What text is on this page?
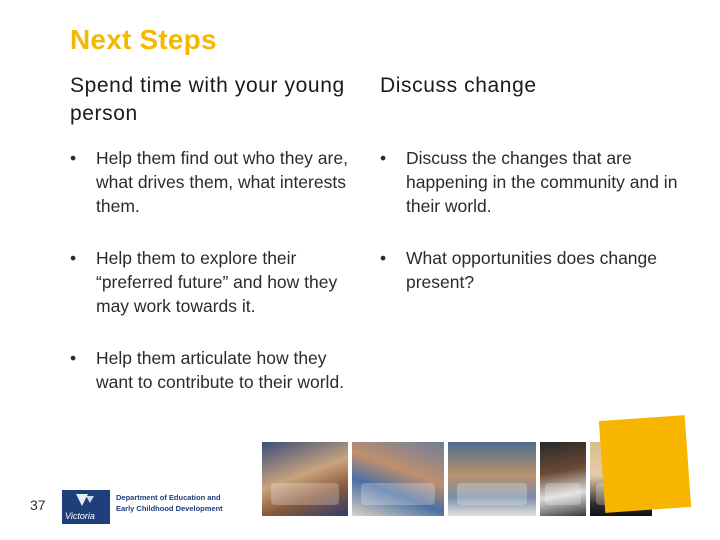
Next Steps
Spend time with your young person
•	Help them find out who they are, what drives them, what interests them.
•	Help them to explore their “preferred future” and how they may work towards it.
•	Help them articulate how they want to contribute to their world.
Discuss change
•	Discuss the changes that are happening in the community and in their world.
•	What opportunities does change present?
37
Victoria
Department of Education and Early Childhood Development
